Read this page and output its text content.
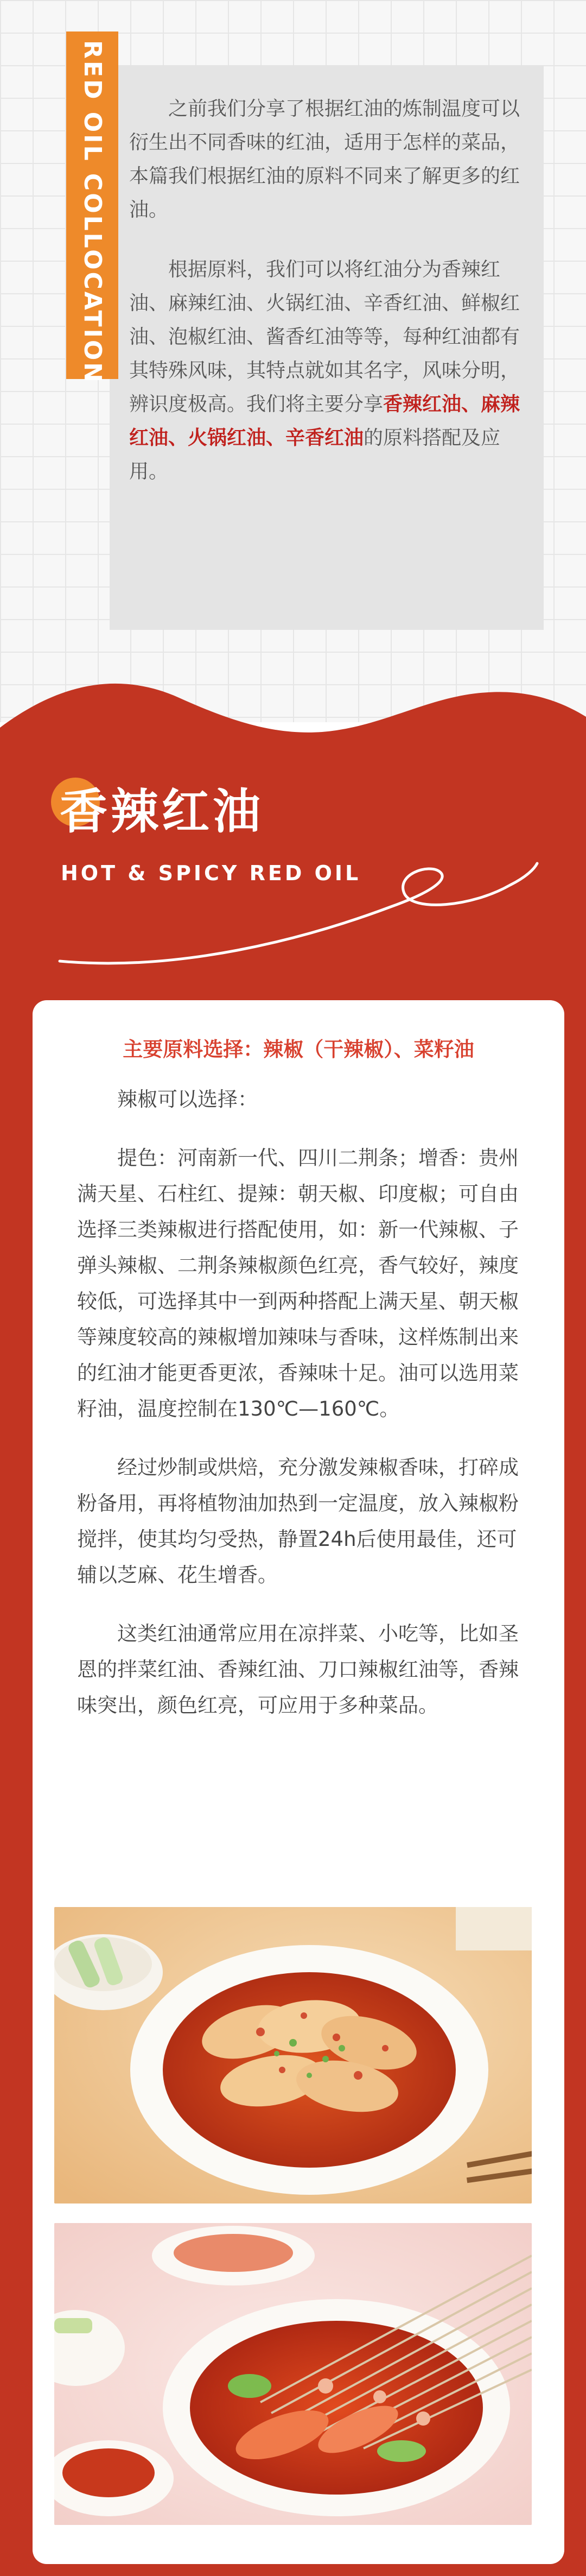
RED OIL COLLOCATION	之前我们分享了根据红油的炼制温度可以衍生出不同香味的红油，适用于怎样的菜品，本篇我们根据红油的原料不同来了解更多的红油。

根据原料，我们可以将红油分为香辣红油、麻辣红油、火锅红油、辛香红油、鲜椒红油、泡椒红油、酱香红油等等，每种红油都有其特殊风味，其特点就如其名字，风味分明，辨识度极高。我们将主要分享香辣红油、麻辣红油、火锅红油、辛香红油的原料搭配及应用。

香辣红油
HOT & SPICY RED OIL
主要原料选择：辣椒（干辣椒）、菜籽油

辣椒可以选择：

提色：河南新一代、四川二荆条；增香：贵州满天星、石柱红、提辣：朝天椒、印度椒；可自由选择三类辣椒进行搭配使用，如：新一代辣椒、子弹头辣椒、二荆条辣椒颜色红亮，香气较好，辣度较低，可选择其中一到两种搭配上满天星、朝天椒等辣度较高的辣椒增加辣味与香味，这样炼制出来的红油才能更香更浓，香辣味十足。油可以选用菜籽油，温度控制在130℃—160℃。

经过炒制或烘焙，充分激发辣椒香味，打碎成粉备用，再将植物油加热到一定温度，放入辣椒粉搅拌，使其均匀受热，静置24h后使用最佳，还可辅以芝麻、花生增香。

这类红油通常应用在凉拌菜、小吃等，比如圣恩的拌菜红油、香辣红油、刀口辣椒红油等，香辣味突出，颜色红亮，可应用于多种菜品。
